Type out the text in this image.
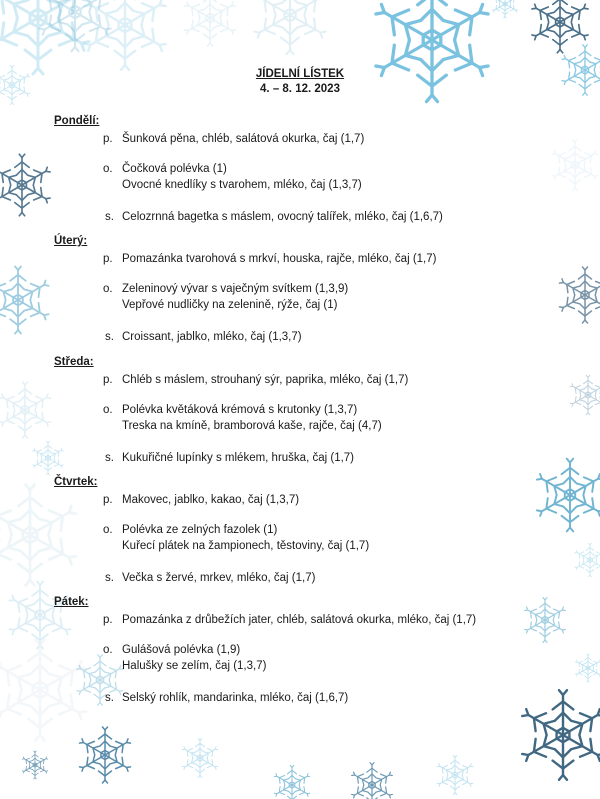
JÍDELNÍ LÍSTEK
4. – 8. 12. 2023
Pondělí:
p. Šunková pěna, chléb, salátová okurka, čaj (1,7)
o. Čočková polévka (1)
Ovocné knedlíky s tvarohem, mléko, čaj (1,3,7)
s. Celozrnná bagetka s máslem, ovocný talířek, mléko, čaj (1,6,7)
Úterý:
p. Pomazánka tvarohová s mrkví, houska, rajče, mléko, čaj (1,7)
o. Zeleninový vývar s vaječným svítkem (1,3,9)
Vepřové nudličky na zelenině, rýže, čaj (1)
s. Croissant, jablko, mléko, čaj (1,3,7)
Středa:
p. Chléb s máslem, strouhaný sýr, paprika, mléko, čaj (1,7)
o. Polévka květáková krémová s krutonky (1,3,7)
Treska na kmíně, bramborová kaše, rajče, čaj (4,7)
s. Kukuřičné lupínky s mlékem, hruška, čaj (1,7)
Čtvrtek:
p. Makovec, jablko, kakao, čaj (1,3,7)
o. Polévka ze zelných fazolek (1)
Kuřecí plátek na žampionech, těstoviny, čaj (1,7)
s. Večka s žervé, mrkev, mléko, čaj (1,7)
Pátek:
p. Pomazánka z drůbežích jater, chléb, salátová okurka, mléko, čaj (1,7)
o. Gulášová polévka (1,9)
Halušky se zelím, čaj (1,3,7)
s. Selský rohlík, mandarinka, mléko, čaj (1,6,7)
